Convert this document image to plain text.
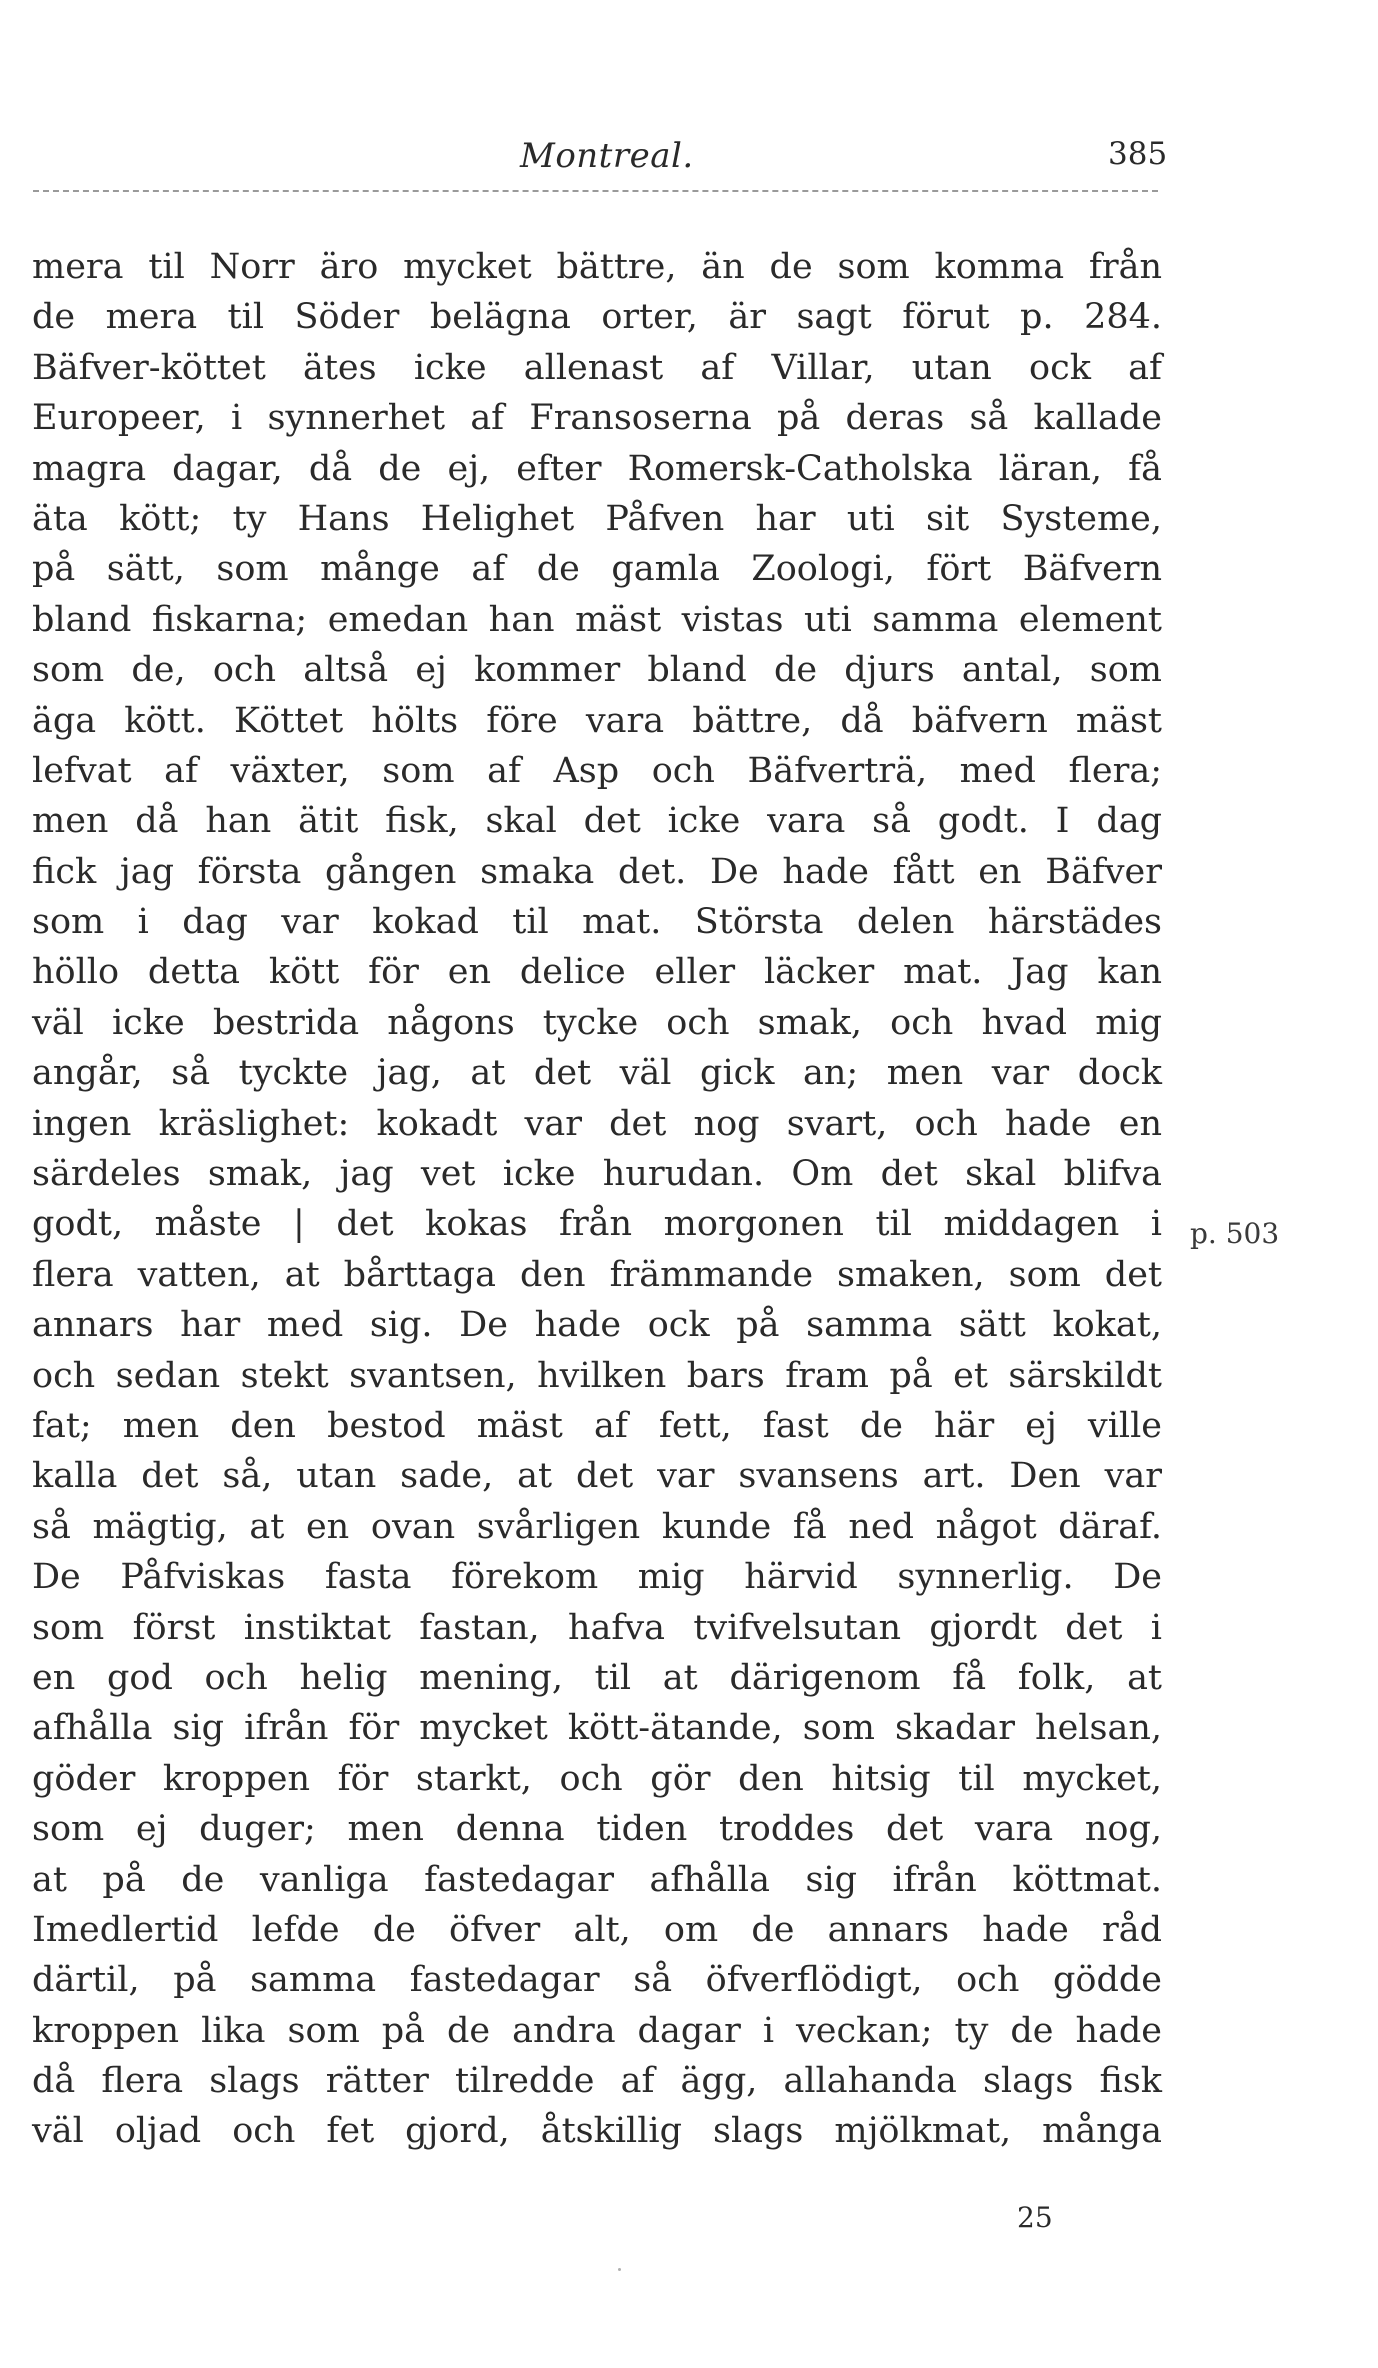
Montreal.	385
mera til Norr äro mycket bättre, än de som komma från
de mera til Söder belägna orter, är sagt förut p. 284.
Bäfver-köttet ätes icke allenast af Villar, utan ock af
Europeer, i synnerhet af Fransoserna på deras så kallade
magra dagar, då de ej, efter Romersk-Catholska läran, få
äta kött; ty Hans Helighet Påfven har uti sit Systeme,
på sätt, som månge af de gamla Zoologi, fört Bäfvern
bland fiskarna; emedan han mäst vistas uti samma element
som de, och altså ej kommer bland de djurs antal, som
äga kött. Köttet hölts före vara bättre, då bäfvern mäst
lefvat af växter, som af Asp och Bäfverträ, med flera;
men då han ätit fisk, skal det icke vara så godt. I dag
fick jag första gången smaka det. De hade fått en Bäfver
som i dag var kokad til mat. Största delen härstädes
höllo detta kött för en delice eller läcker mat. Jag kan
väl icke bestrida någons tycke och smak, och hvad mig
angår, så tyckte jag, at det väl gick an; men var dock
ingen kräslighet: kokadt var det nog svart, och hade en
särdeles smak, jag vet icke hurudan. Om det skal blifva
godt, måste | det kokas från morgonen til middagen i
flera vatten, at bårttaga den främmande smaken, som det
annars har med sig. De hade ock på samma sätt kokat,
och sedan stekt svantsen, hvilken bars fram på et särskildt
fat; men den bestod mäst af fett, fast de här ej ville
kalla det så, utan sade, at det var svansens art. Den var
så mägtig, at en ovan svårligen kunde få ned något däraf.
De Påfviskas fasta förekom mig härvid synnerlig. De
som först instiktat fastan, hafva tvifvelsutan gjordt det i
en god och helig mening, til at därigenom få folk, at
afhålla sig ifrån för mycket kött-ätande, som skadar helsan,
göder kroppen för starkt, och gör den hitsig til mycket,
som ej duger; men denna tiden troddes det vara nog,
at på de vanliga fastedagar afhålla sig ifrån köttmat.
Imedlertid lefde de öfver alt, om de annars hade råd
därtil, på samma fastedagar så öfverflödigt, och gödde
kroppen lika som på de andra dagar i veckan; ty de hade
då flera slags rätter tilredde af ägg, allahanda slags fisk
väl oljad och fet gjord, åtskillig slags mjölkmat, många
p. 503
25
